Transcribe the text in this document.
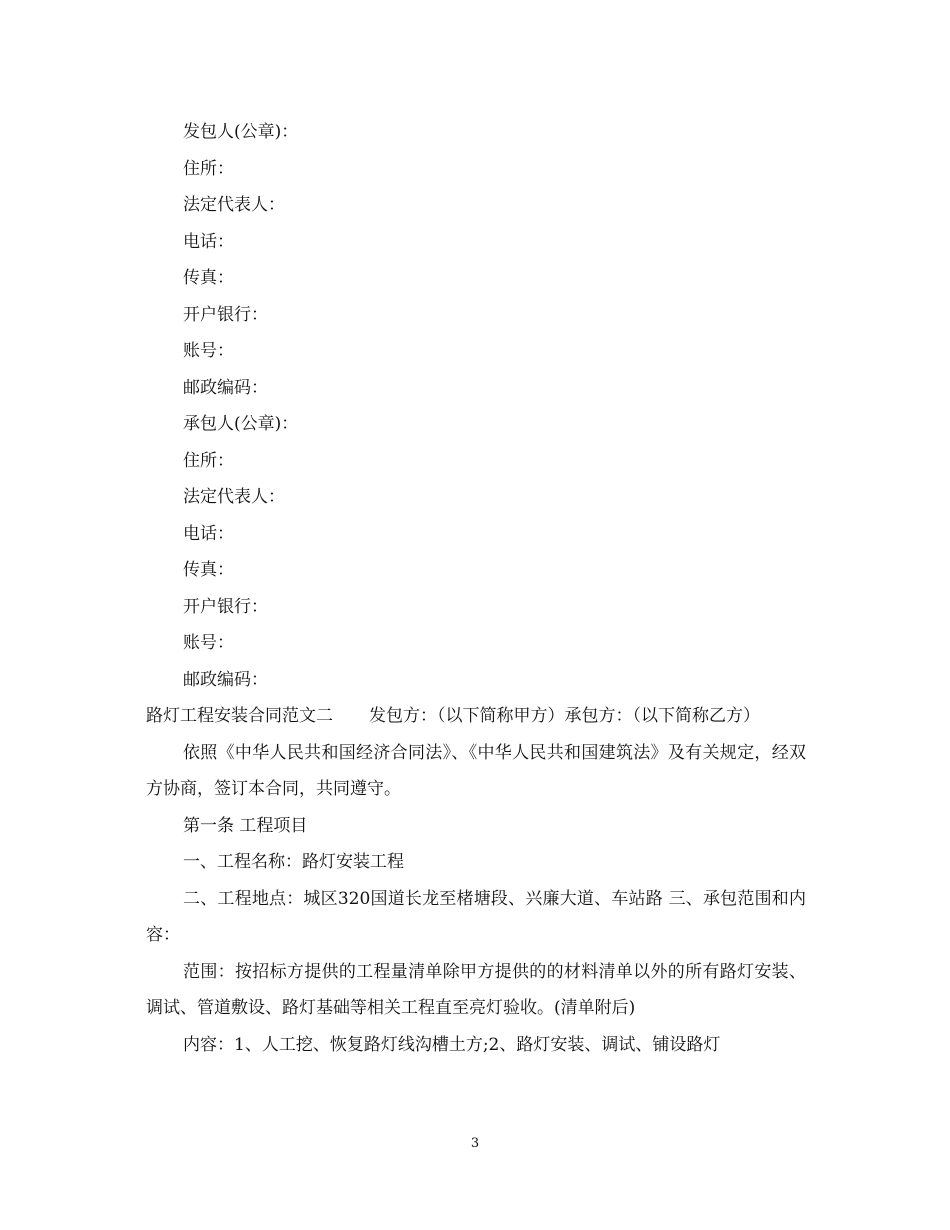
发包人(公章)：
住所：
法定代表人：
电话：
传真：
开户银行：
账号：
邮政编码：
承包人(公章)：
住所：
法定代表人：
电话：
传真：
开户银行：
账号：
邮政编码：
路灯工程安装合同范文二 发包方：（以下简称甲方）承包方：（以下简称乙方）
依照《中华人民共和国经济合同法》、《中华人民共和国建筑法》及有关规定，经双方协商，签订本合同，共同遵守。
第一条 工程项目
一、工程名称：路灯安装工程
二、工程地点：城区320国道长龙至楮塘段、兴廉大道、车站路 三、承包范围和内容：
范围：按招标方提供的工程量清单除甲方提供的的材料清单以外的所有路灯安装、调试、管道敷设、路灯基础等相关工程直至亮灯验收。(清单附后)
内容：1、人工挖、恢复路灯线沟槽土方;2、路灯安装、调试、铺设路灯
3
